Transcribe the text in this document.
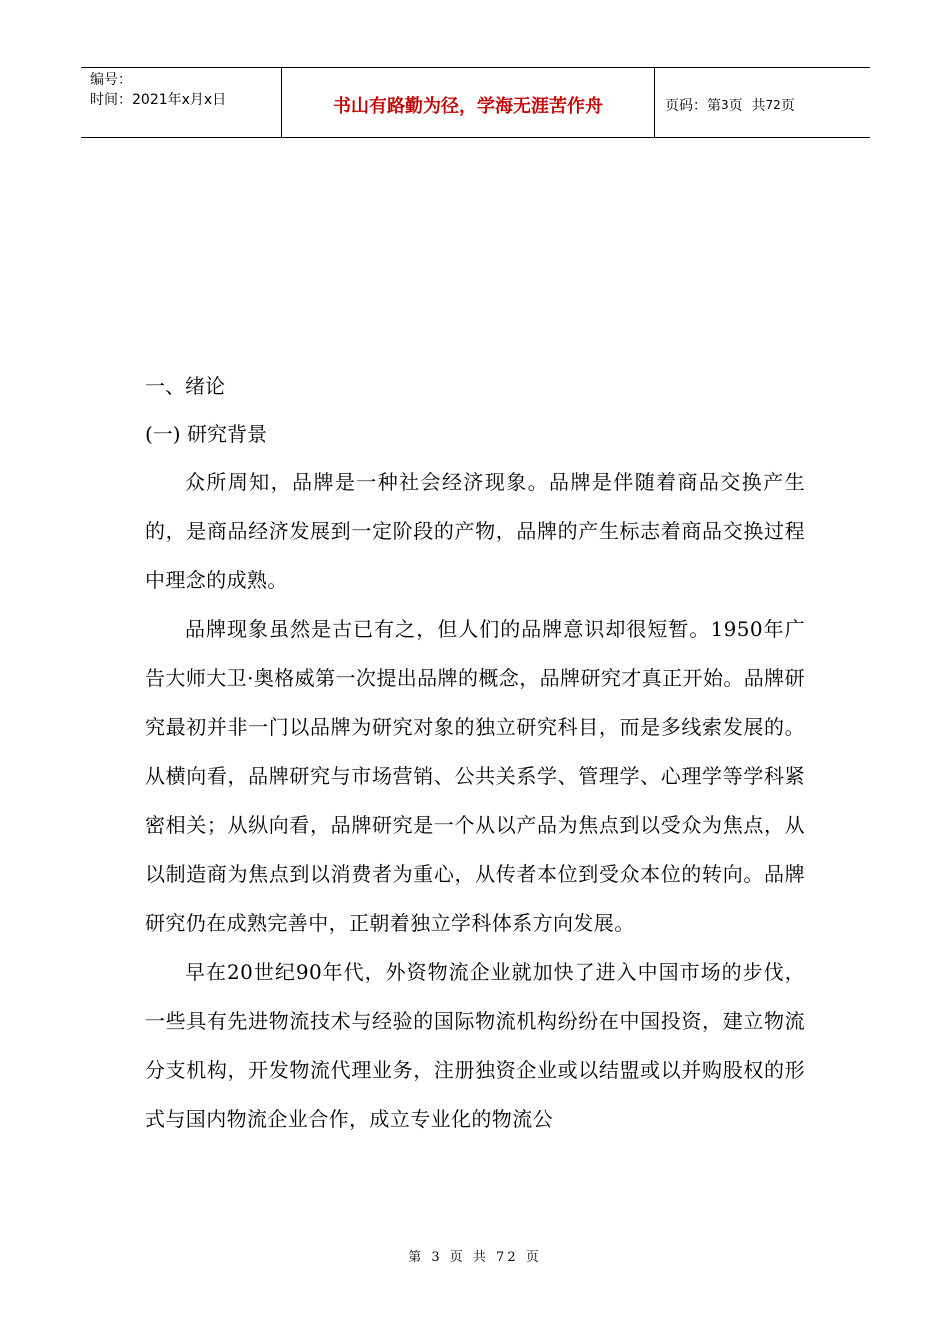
编号：
时间：2021年x月x日	书山有路勤为径，学海无涯苦作舟	页码：第 3 页  共 72 页
一、绪论
(一) 研究背景

众所周知，品牌是一种社会经济现象。品牌是伴随着商品交换产生的，是商品经济发展到一定阶段的产物，品牌的产生标志着商品交换过程中理念的成熟。

品牌现象虽然是古已有之，但人们的品牌意识却很短暂。1950年广告大师大卫·奥格威第一次提出品牌的概念，品牌研究才真正开始。品牌研究最初并非一门以品牌为研究对象的独立研究科目，而是多线索发展的。从横向看，品牌研究与市场营销、公共关系学、管理学、心理学等学科紧密相关；从纵向看，品牌研究是一个从以产品为焦点到以受众为焦点，从以制造商为焦点到以消费者为重心，从传者本位到受众本位的转向。品牌研究仍在成熟完善中，正朝着独立学科体系方向发展。

早在20世纪90年代，外资物流企业就加快了进入中国市场的步伐，一些具有先进物流技术与经验的国际物流机构纷纷在中国投资，建立物流分支机构，开发物流代理业务，注册独资企业或以结盟或以并购股权的形式与国内物流企业合作，成立专业化的物流公

第 3 页 共 72 页
